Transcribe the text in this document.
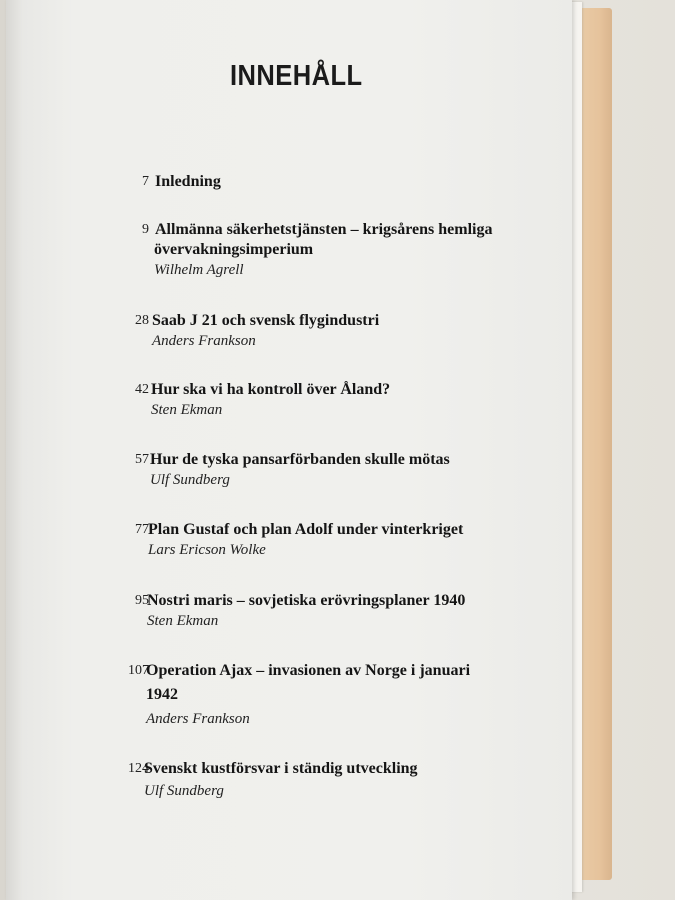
INNEHÅLL
7 Inledning
9 Allmänna säkerhetstjänsten – krigsårens hemliga
övervakningsimperium
Wilhelm Agrell
28 Saab J 21 och svensk flygindustri
Anders Frankson
42 Hur ska vi ha kontroll över Åland?
Sten Ekman
57 Hur de tyska pansarförbanden skulle mötas
Ulf Sundberg
77 Plan Gustaf och plan Adolf under vinterkriget
Lars Ericson Wolke
95
Nostri maris – sovjetiska erövringsplaner 1940
Sten Ekman
107
Operation Ajax – invasionen av Norge i januari
1942
Anders Frankson
124
Svenskt kustförsvar i ständig utveckling
Ulf Sundberg
